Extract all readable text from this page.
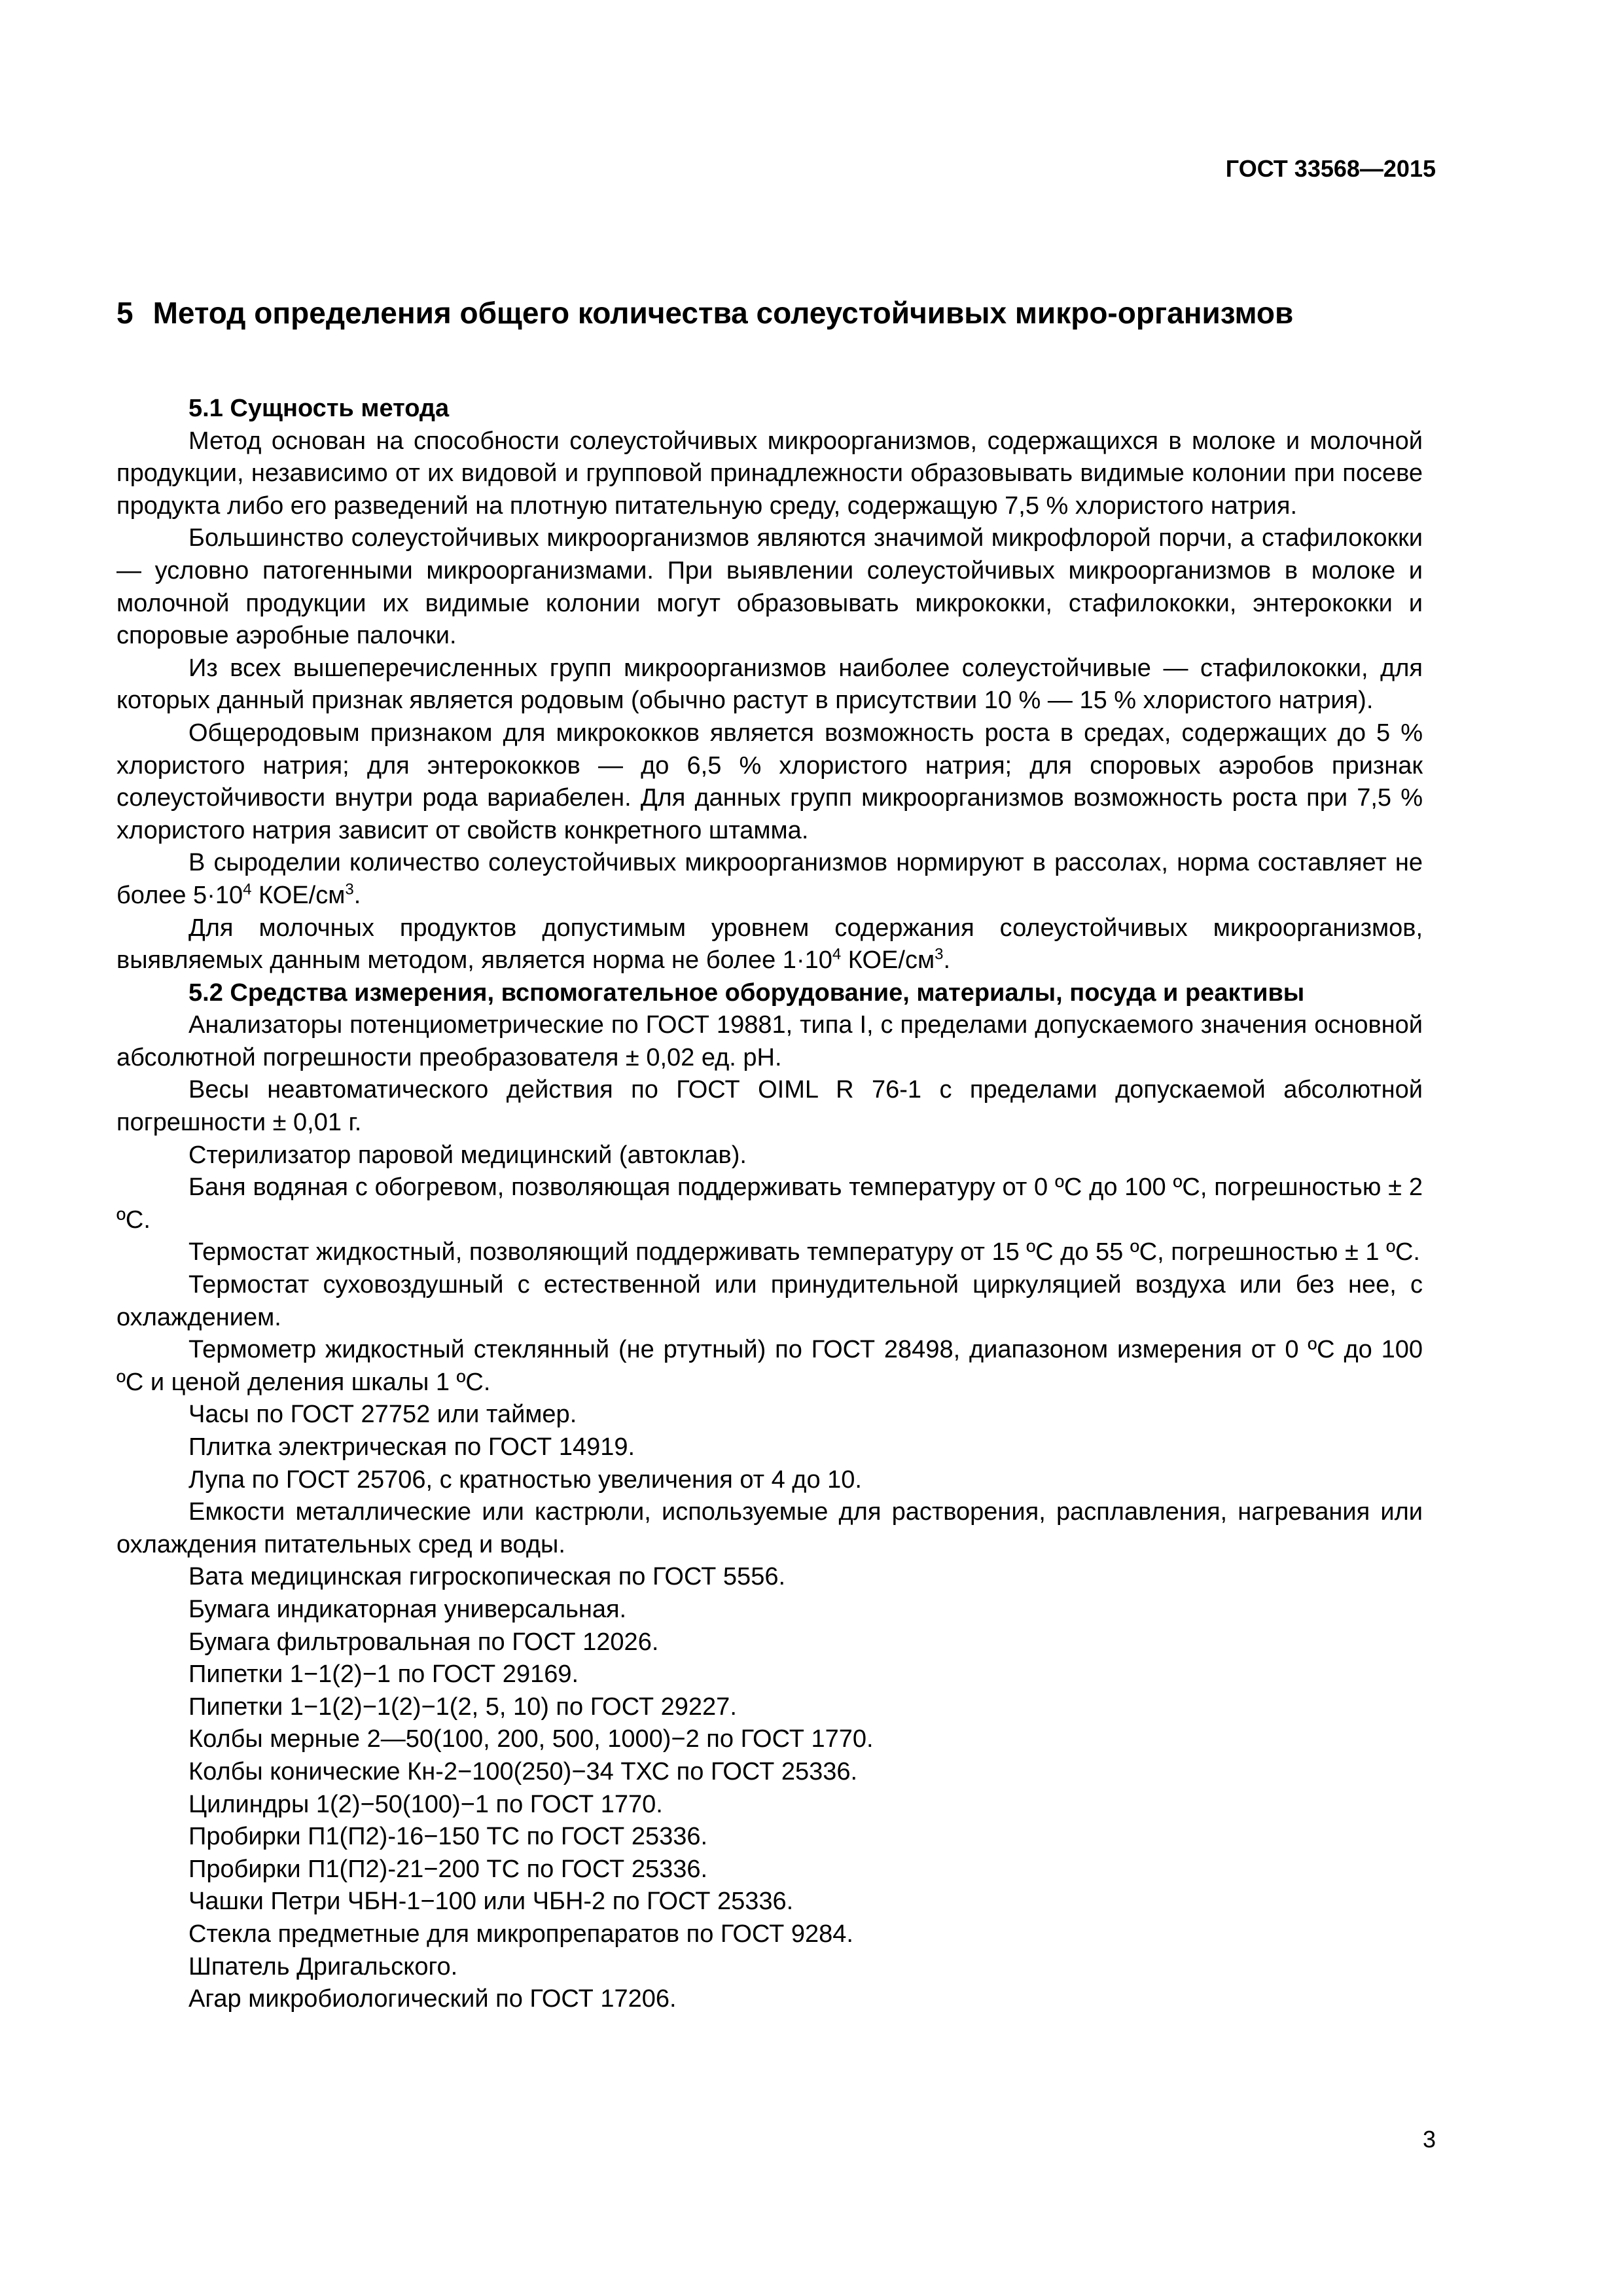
ГОСТ 33568—2015

5 Метод определения общего количества солеустойчивых микро-организмов

5.1 Сущность метода

Метод основан на способности солеустойчивых микроорганизмов, содержащихся в молоке и молочной продукции, независимо от их видовой и групповой принадлежности образовывать видимые колонии при посеве продукта либо его разведений на плотную питательную среду, содержащую 7,5 % хлористого натрия.

Большинство солеустойчивых микроорганизмов являются значимой микрофлорой порчи, а стафилококки — условно патогенными микроорганизмами. При выявлении солеустойчивых микроорганизмов в молоке и молочной продукции их видимые колонии могут образовывать микрококки, стафилококки, энтерококки и споровые аэробные палочки.

Из всех вышеперечисленных групп микроорганизмов наиболее солеустойчивые — стафилококки, для которых данный признак является родовым (обычно растут в присутствии 10 % — 15 % хлористого натрия).

Общеродовым признаком для микрококков является возможность роста в средах, содержащих до 5 % хлористого натрия; для энтерококков — до 6,5 % хлористого натрия; для споровых аэробов признак солеустойчивости внутри рода вариабелен. Для данных групп микроорганизмов возможность роста при 7,5 % хлористого натрия зависит от свойств конкретного штамма.

В сыроделии количество солеустойчивых микроорганизмов нормируют в рассолах, норма составляет не более $5\cdot 10^4$ КОЕ/$см^3$.

Для молочных продуктов допустимым уровнем содержания солеустойчивых микроорганизмов, выявляемых данным методом, является норма не более $1\cdot 10^4$ КОЕ/$см^3$.

5.2 Средства измерения, вспомогательное оборудование, материалы, посуда и реактивы

Анализаторы потенциометрические по ГОСТ 19881, типа I, с пределами допускаемого значения основной абсолютной погрешности преобразователя ± 0,02 ед. pH.

Весы неавтоматического действия по ГОСТ OIML R 76-1 с пределами допускаемой абсолютной погрешности ± 0,01 г.

Стерилизатор паровой медицинский (автоклав).

Баня водяная с обогревом, позволяющая поддерживать температуру от 0 ºС до 100 ºС, погрешностью ± 2 ºС.

Термостат жидкостный, позволяющий поддерживать температуру от 15 ºС до 55 ºС, погрешностью ± 1 ºС.

Термостат суховоздушный с естественной или принудительной циркуляцией воздуха или без нее, с охлаждением.

Термометр жидкостный стеклянный (не ртутный) по ГОСТ 28498, диапазоном измерения от 0 ºС до 100 ºС и ценой деления шкалы 1 ºС.

Часы по ГОСТ 27752 или таймер.

Плитка электрическая по ГОСТ 14919.

Лупа по ГОСТ 25706, с кратностью увеличения от 4 до 10.

Емкости металлические или кастрюли, используемые для растворения, расплавления, нагревания или охлаждения питательных сред и воды.

Вата медицинская гигроскопическая по ГОСТ 5556.

Бумага индикаторная универсальная.

Бумага фильтровальная по ГОСТ 12026.

Пипетки 1−1(2)−1 по ГОСТ 29169.

Пипетки 1−1(2)−1(2)−1(2, 5, 10) по ГОСТ 29227.

Колбы мерные 2—50(100, 200, 500, 1000)−2 по ГОСТ 1770.

Колбы конические Кн-2−100(250)−34 ТХС по ГОСТ 25336.

Цилиндры 1(2)−50(100)−1 по ГОСТ 1770.

Пробирки П1(П2)-16−150 ТС по ГОСТ 25336.

Пробирки П1(П2)-21−200 ТС по ГОСТ 25336.

Чашки Петри ЧБН-1−100 или ЧБН-2 по ГОСТ 25336.

Стекла предметные для микропрепаратов по ГОСТ 9284.

Шпатель Дригальского.

Агар микробиологический по ГОСТ 17206.

3
